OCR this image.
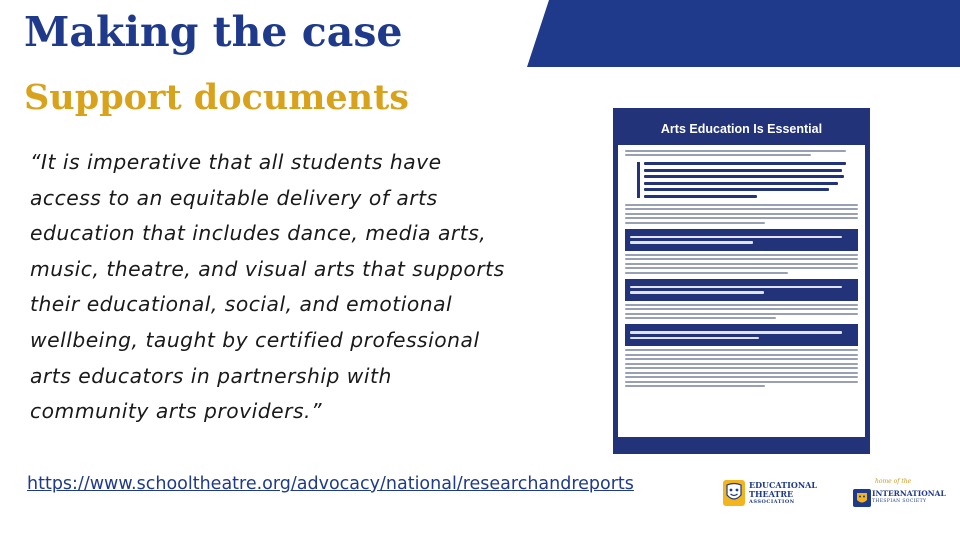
Making the case
Support documents
“It is imperative that all students have access to an equitable delivery of arts education that includes dance, media arts, music, theatre, and visual arts that supports their educational, social, and emotional wellbeing, taught by certified professional arts educators in partnership with community arts providers.”
https://www.schooltheatre.org/advocacy/national/researchandreports
Arts Education Is Essential
EDUCATIONAL
THEATRE
ASSOCIATION
home of the
INTERNATIONAL
THESPIAN SOCIETY
